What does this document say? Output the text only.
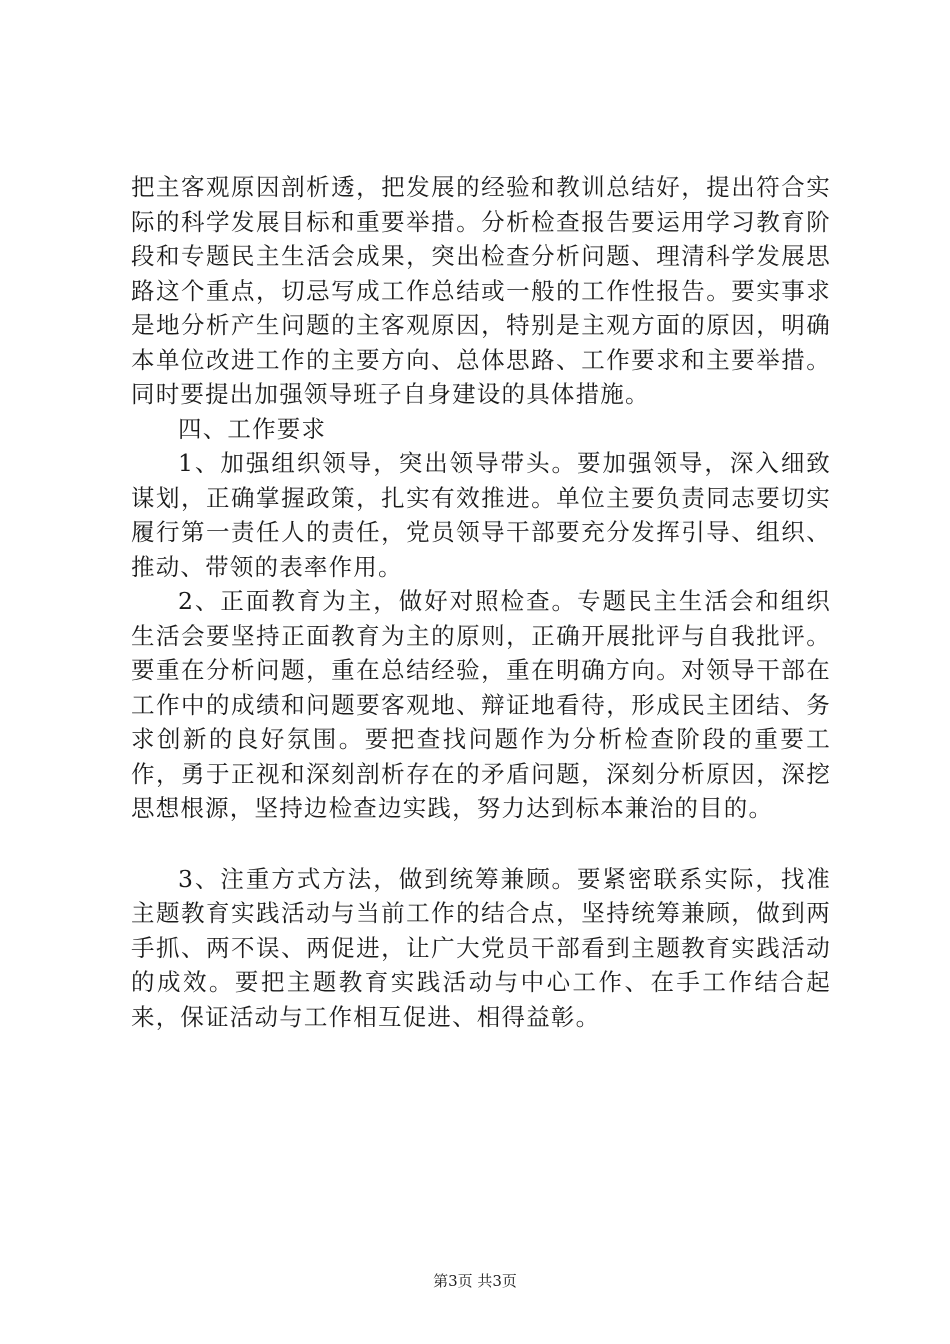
把主客观原因剖析透，把发展的经验和教训总结好，提出符合实际的科学发展目标和重要举措。分析检查报告要运用学习教育阶段和专题民主生活会成果，突出检查分析问题、理清科学发展思路这个重点，切忌写成工作总结或一般的工作性报告。要实事求是地分析产生问题的主客观原因，特别是主观方面的原因，明确本单位改进工作的主要方向、总体思路、工作要求和主要举措。同时要提出加强领导班子自身建设的具体措施。

四、工作要求

1、加强组织领导，突出领导带头。要加强领导，深入细致谋划，正确掌握政策，扎实有效推进。单位主要负责同志要切实履行第一责任人的责任，党员领导干部要充分发挥引导、组织、推动、带领的表率作用。

2、正面教育为主，做好对照检查。专题民主生活会和组织生活会要坚持正面教育为主的原则，正确开展批评与自我批评。要重在分析问题，重在总结经验，重在明确方向。对领导干部在工作中的成绩和问题要客观地、辩证地看待，形成民主团结、务求创新的良好氛围。要把查找问题作为分析检查阶段的重要工作，勇于正视和深刻剖析存在的矛盾问题，深刻分析原因，深挖思想根源，坚持边检查边实践，努力达到标本兼治的目的。

3、注重方式方法，做到统筹兼顾。要紧密联系实际，找准主题教育实践活动与当前工作的结合点，坚持统筹兼顾，做到两手抓、两不误、两促进，让广大党员干部看到主题教育实践活动的成效。要把主题教育实践活动与中心工作、在手工作结合起来，保证活动与工作相互促进、相得益彰。

第3页 共3页
